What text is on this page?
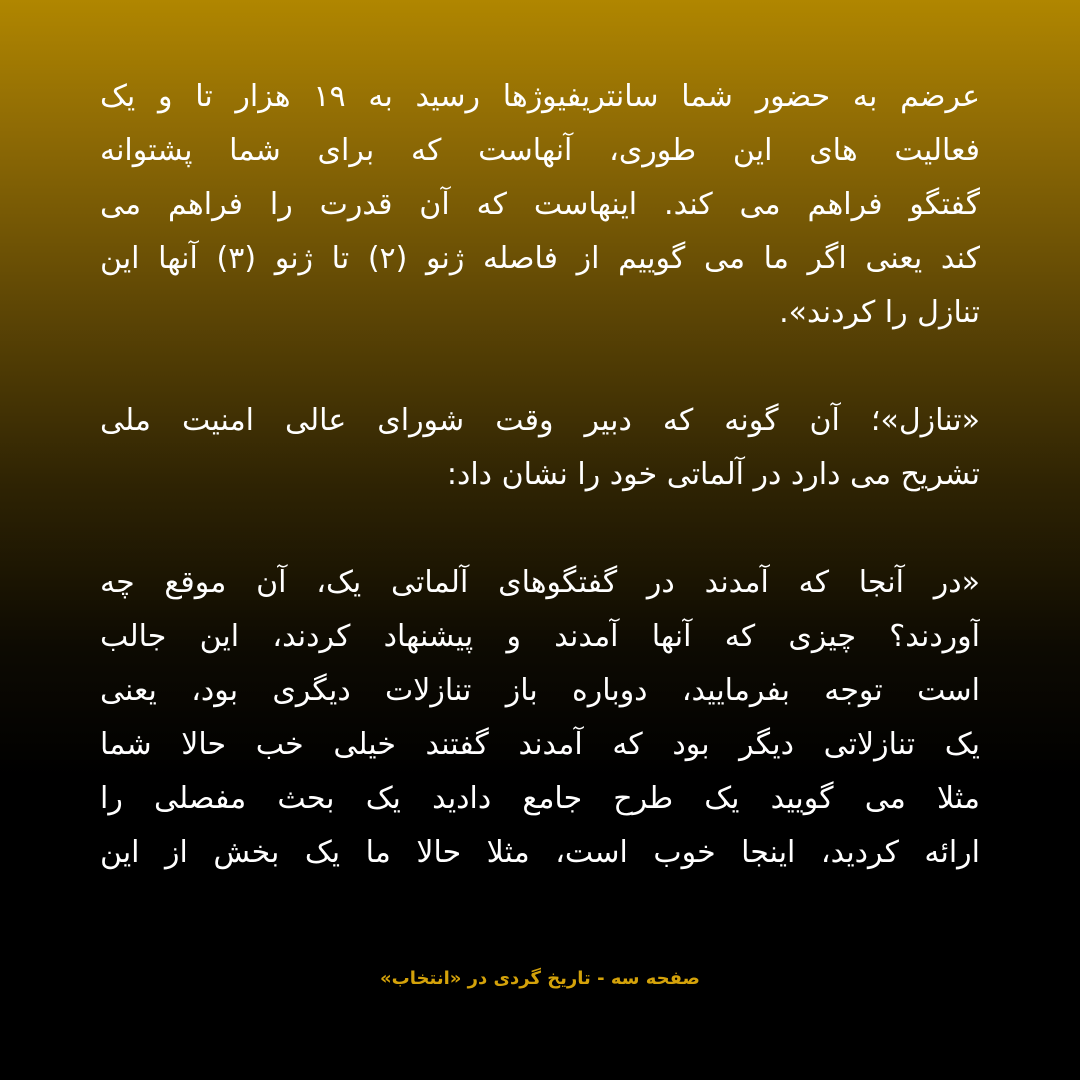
عرضم به حضور شما سانتریفیوژها رسید به ۱۹ هزار تا و یک
فعالیت های این طوری، آنهاست که برای شما پشتوانه
گفتگو فراهم می کند. اینهاست که آن قدرت را فراهم می
کند یعنی اگر ما می گوییم از فاصله ژنو (۲) تا ژنو (۳) آنها این
تنازل را کردند».
«تنازل»؛ آن گونه که دبیر وقت شورای عالی امنیت ملی
تشریح می دارد در آلماتی خود را نشان داد:
«در آنجا که آمدند در گفتگوهای آلماتی یک، آن موقع چه
آوردند؟ چیزی که آنها آمدند و پیشنهاد کردند، این جالب
است توجه بفرمایید، دوباره باز تنازلات دیگری بود، یعنی
یک تنازلاتی دیگر بود که آمدند گفتند خیلی خب حالا شما
مثلا می گویید یک طرح جامع دادید یک بحث مفصلی را
ارائه کردید، اینجا خوب است، مثلا حالا ما یک بخش از این
صفحه سه - تاریخ گردی در «انتخاب»
